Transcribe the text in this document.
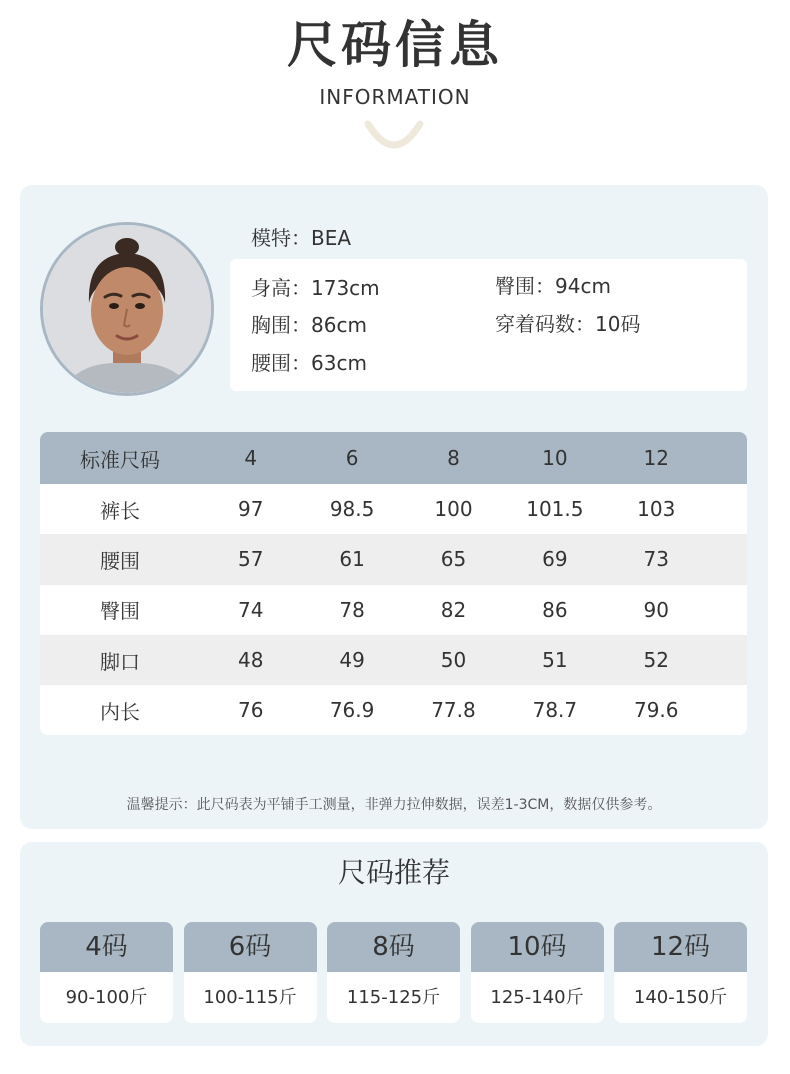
尺码信息
INFORMATION
模特：BEA
身高：173cm	臀围：94cm
胸围：86cm	穿着码数：10码
腰围：63cm
标准尺码	4	6	8	10	12
裤长	97	98.5	100	101.5	103
腰围	57	61	65	69	73
臀围	74	78	82	86	90
脚口	48	49	50	51	52
内长	76	76.9	77.8	78.7	79.6
温馨提示：此尺码表为平铺手工测量，非弹力拉伸数据，误差1-3CM，数据仅供参考。
尺码推荐
4码
90-100斤
6码
100-115斤
8码
115-125斤
10码
125-140斤
12码
140-150斤
